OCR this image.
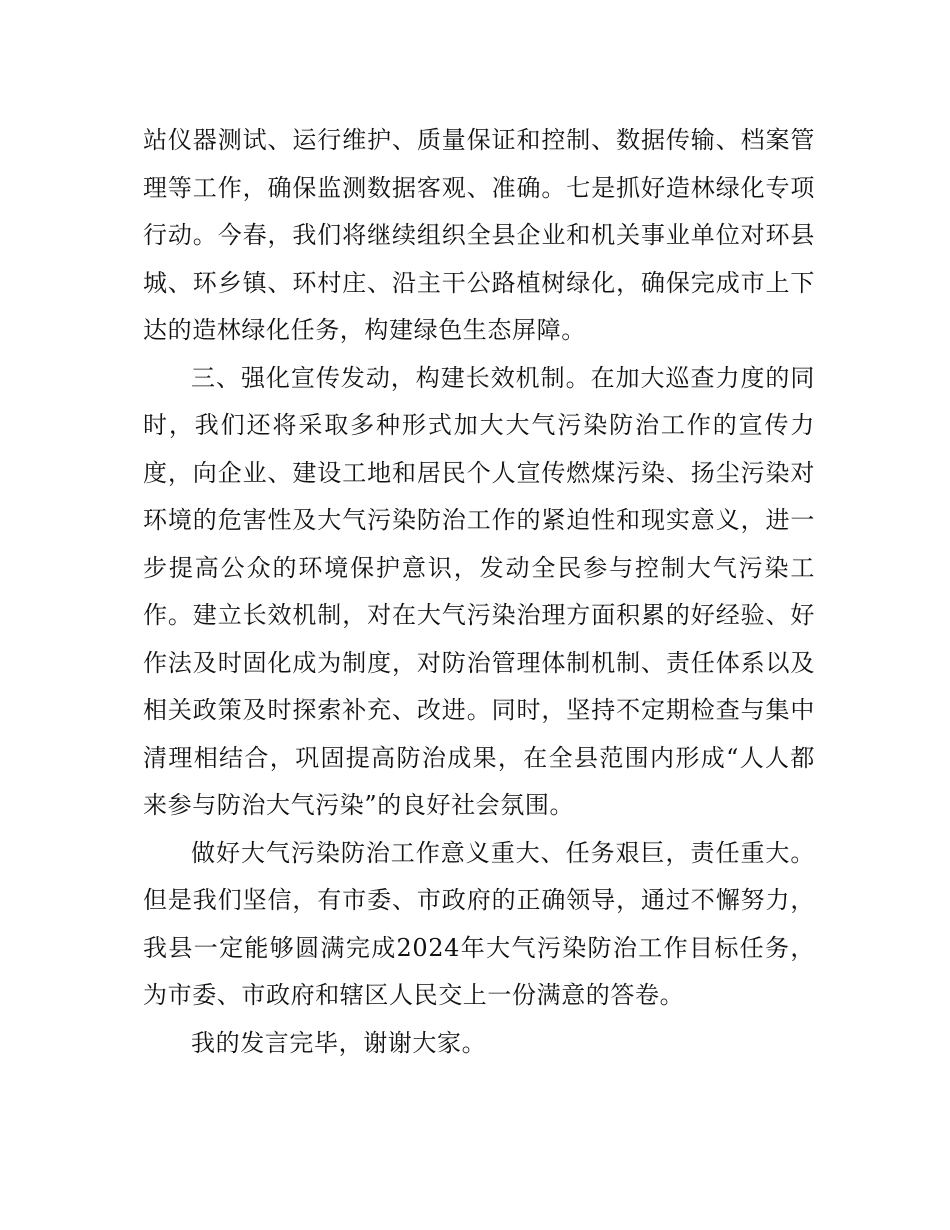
站仪器测试、运行维护、质量保证和控制、数据传输、档案管理等工作，确保监测数据客观、准确。七是抓好造林绿化专项行动。今春，我们将继续组织全县企业和机关事业单位对环县城、环乡镇、环村庄、沿主干公路植树绿化，确保完成市上下达的造林绿化任务，构建绿色生态屏障。

三、强化宣传发动，构建长效机制。在加大巡查力度的同时，我们还将采取多种形式加大大气污染防治工作的宣传力度，向企业、建设工地和居民个人宣传燃煤污染、扬尘污染对环境的危害性及大气污染防治工作的紧迫性和现实意义，进一步提高公众的环境保护意识，发动全民参与控制大气污染工作。建立长效机制，对在大气污染治理方面积累的好经验、好作法及时固化成为制度，对防治管理体制机制、责任体系以及相关政策及时探索补充、改进。同时，坚持不定期检查与集中清理相结合，巩固提高防治成果，在全县范围内形成“人人都来参与防治大气污染”的良好社会氛围。

做好大气污染防治工作意义重大、任务艰巨，责任重大。但是我们坚信，有市委、市政府的正确领导，通过不懈努力，我县一定能够圆满完成2024年大气污染防治工作目标任务，为市委、市政府和辖区人民交上一份满意的答卷。

我的发言完毕，谢谢大家。
